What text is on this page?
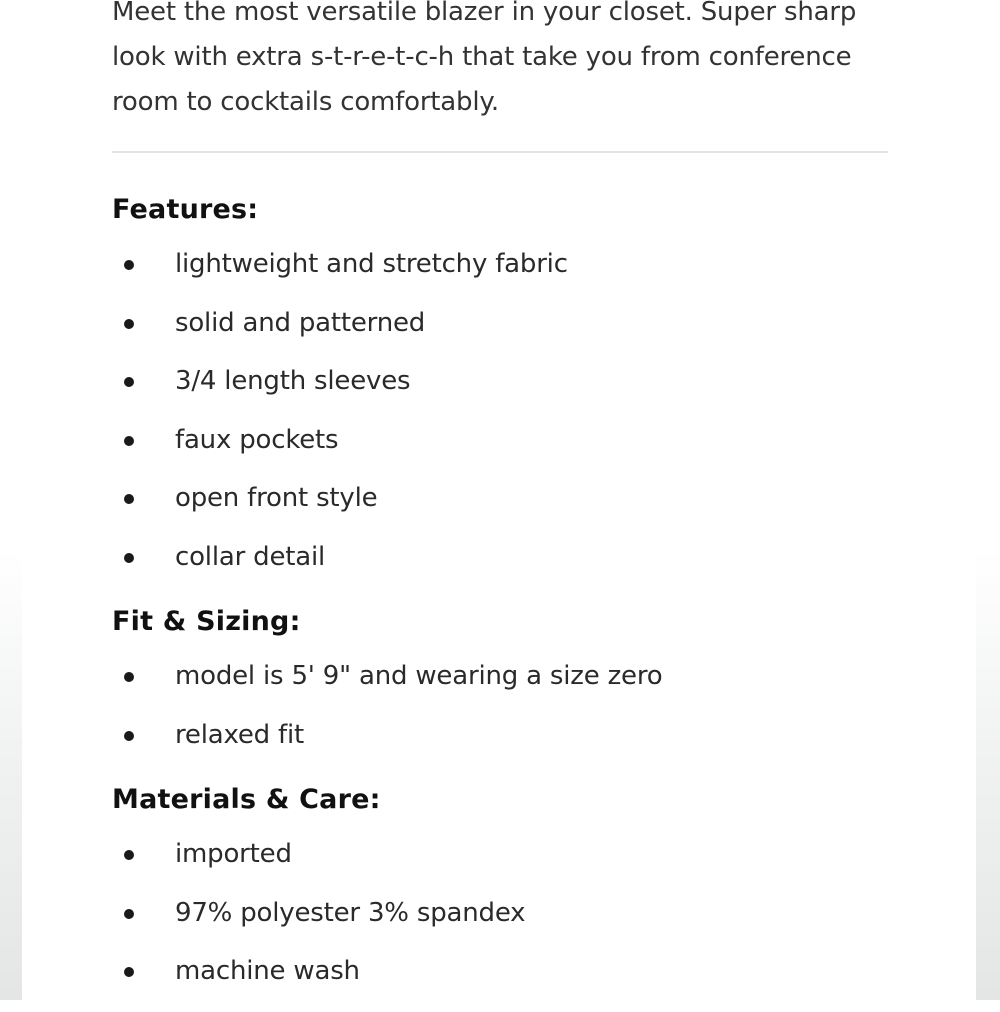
Meet the most versatile blazer in your closet. Super sharp look with extra s-t-r-e-t-c-h that take you from conference room to cocktails comfortably.

Features:
lightweight and stretchy fabric
solid and patterned
3/4 length sleeves
faux pockets
open front style
collar detail
Fit & Sizing:
model is 5' 9" and wearing a size zero
relaxed fit
Materials & Care:
imported
97% polyester 3% spandex
machine wash
